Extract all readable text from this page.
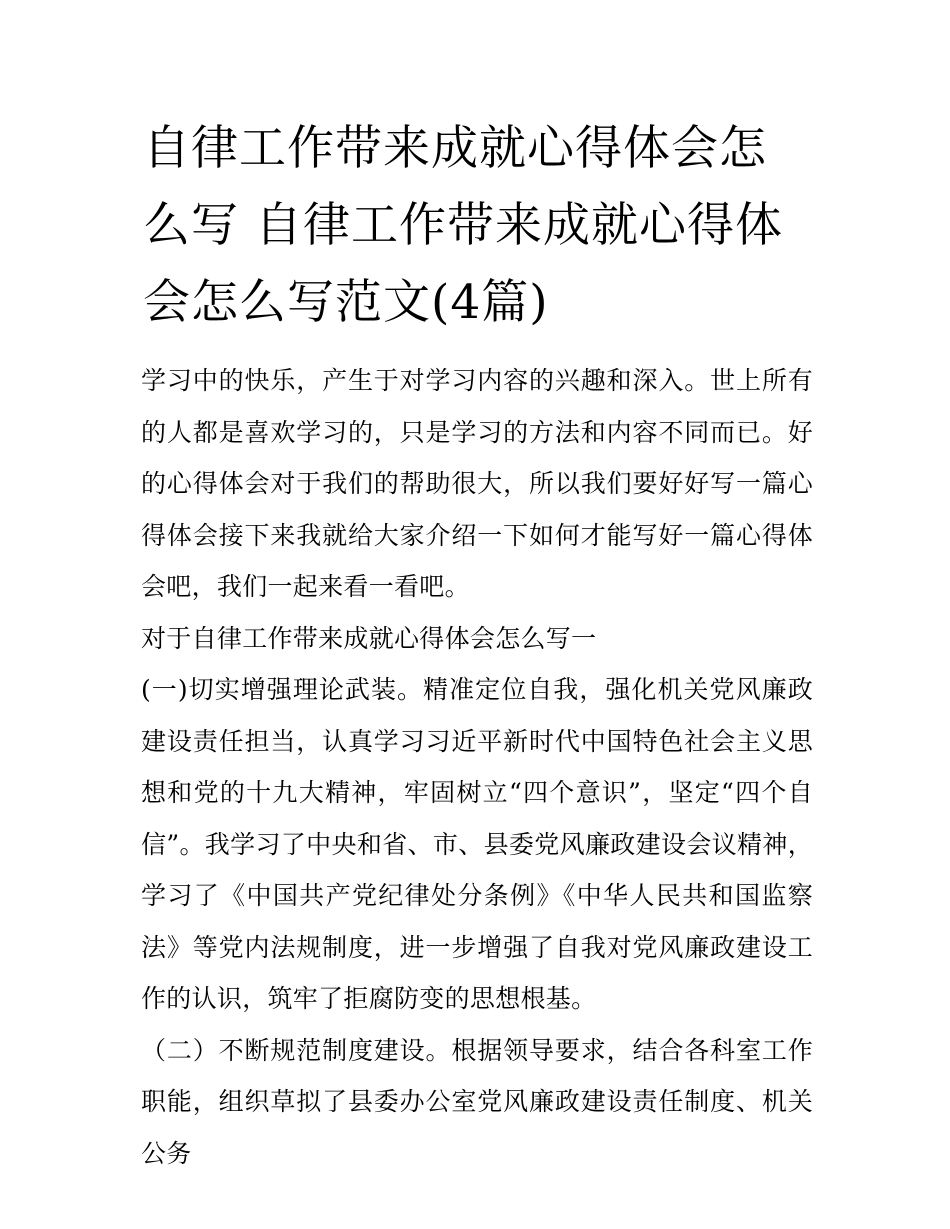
自律工作带来成就心得体会怎么写 自律工作带来成就心得体会怎么写范文(4篇)

学习中的快乐，产生于对学习内容的兴趣和深入。世上所有的人都是喜欢学习的，只是学习的方法和内容不同而已。好的心得体会对于我们的帮助很大，所以我们要好好写一篇心得体会接下来我就给大家介绍一下如何才能写好一篇心得体会吧，我们一起来看一看吧。

对于自律工作带来成就心得体会怎么写一

(一)切实增强理论武装。精准定位自我，强化机关党风廉政建设责任担当，认真学习习近平新时代中国特色社会主义思想和党的十九大精神，牢固树立“四个意识”，坚定“四个自信”。我学习了中央和省、市、县委党风廉政建设会议精神，学习了《中国共产党纪律处分条例》《中华人民共和国监察法》等党内法规制度，进一步增强了自我对党风廉政建设工作的认识，筑牢了拒腐防变的思想根基。

（二）不断规范制度建设。根据领导要求，结合各科室工作职能，组织草拟了县委办公室党风廉政建设责任制度、机关公务
